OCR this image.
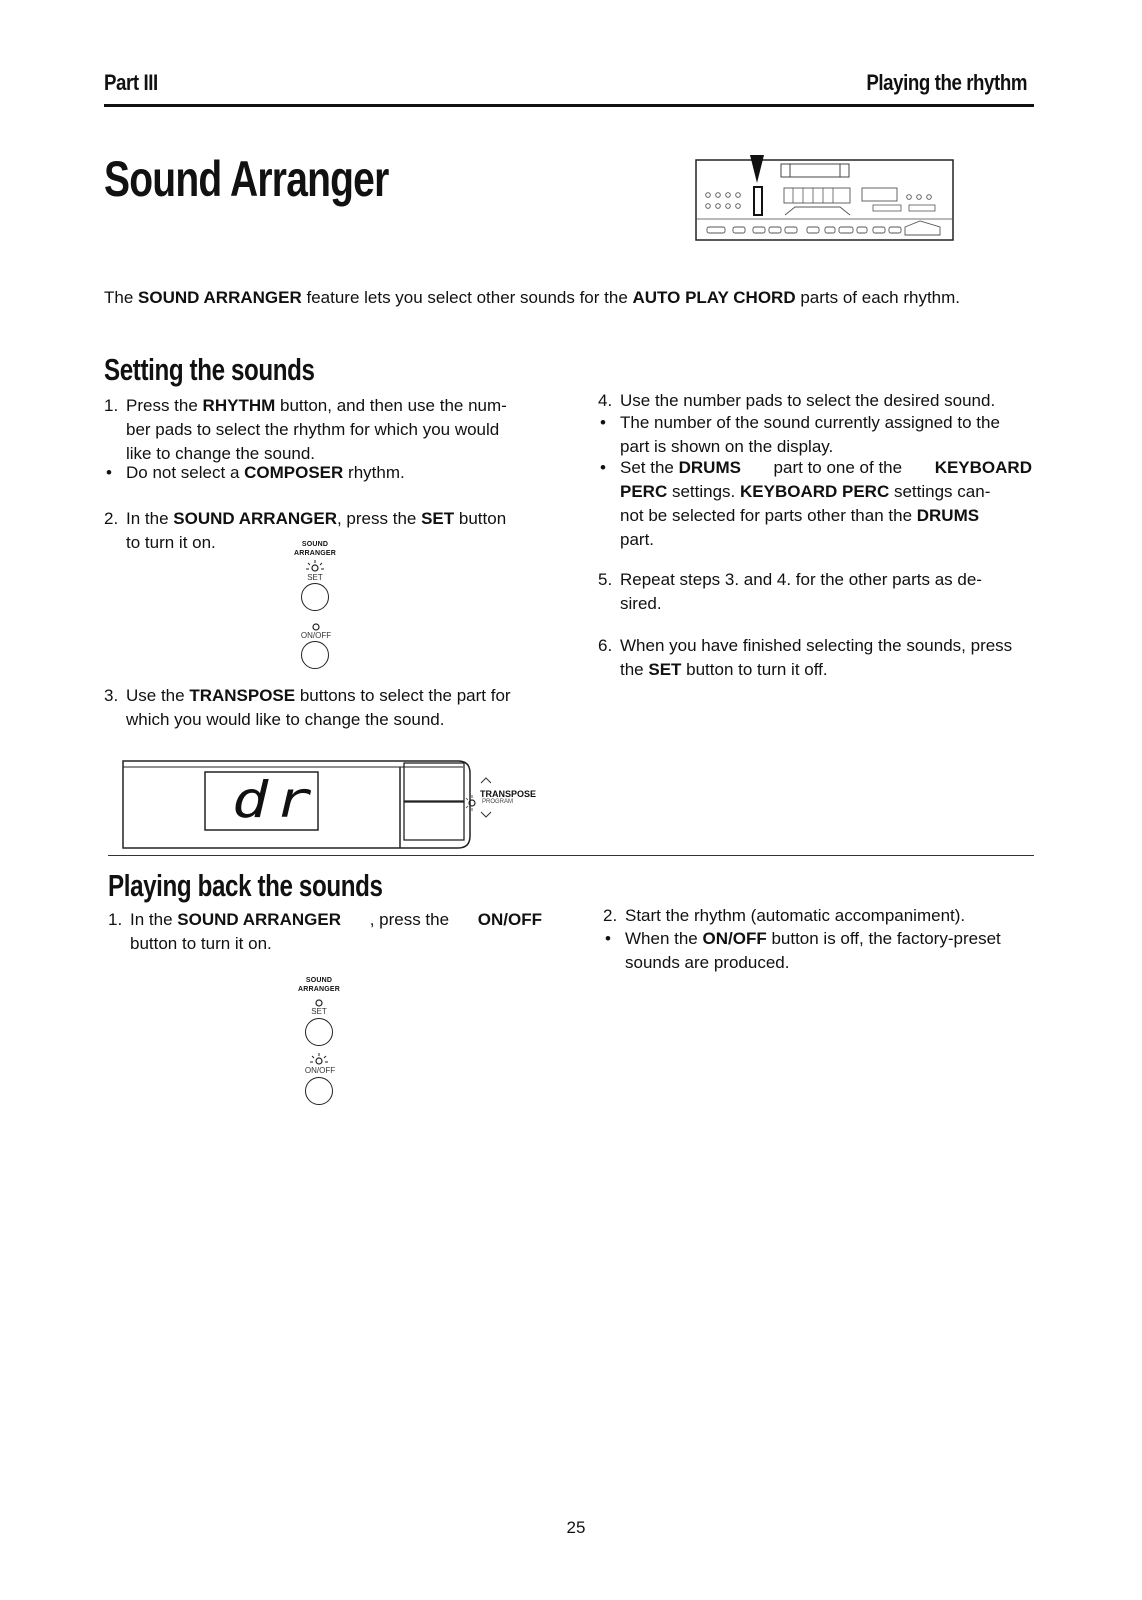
Part III	Playing the rhythm
Sound Arranger
The SOUND ARRANGER feature lets you select other sounds for the AUTO PLAY CHORD parts of each rhythm.
Setting the sounds
1. Press the RHYTHM button, and then use the num-
ber pads to select the rhythm for which you would
like to change the sound.
• Do not select a COMPOSER rhythm.
2. In the SOUND ARRANGER, press the SET button
to turn it on.	SOUND
ARRANGER
SET
ON/OFF
3. Use the TRANSPOSE buttons to select the part for
which you would like to change the sound.
4. Use the number pads to select the desired sound.
• The number of the sound currently assigned to the
part is shown on the display.
• Set the DRUMS part to one of the KEYBOARD
PERC settings. KEYBOARD PERC settings can-
not be selected for parts other than the DRUMS
part.
5. Repeat steps 3. and 4. for the other parts as de-
sired.
6. When you have finished selecting the sounds, press
the SET button to turn it off.
dr	TRANSPOSE
PROGRAM
Playing back the sounds
1. In the SOUND ARRANGER , press the ON/OFF
button to turn it on.
SOUND
ARRANGER
SET
ON/OFF
2. Start the rhythm (automatic accompaniment).
• When the ON/OFF button is off, the factory-preset
sounds are produced.
25
